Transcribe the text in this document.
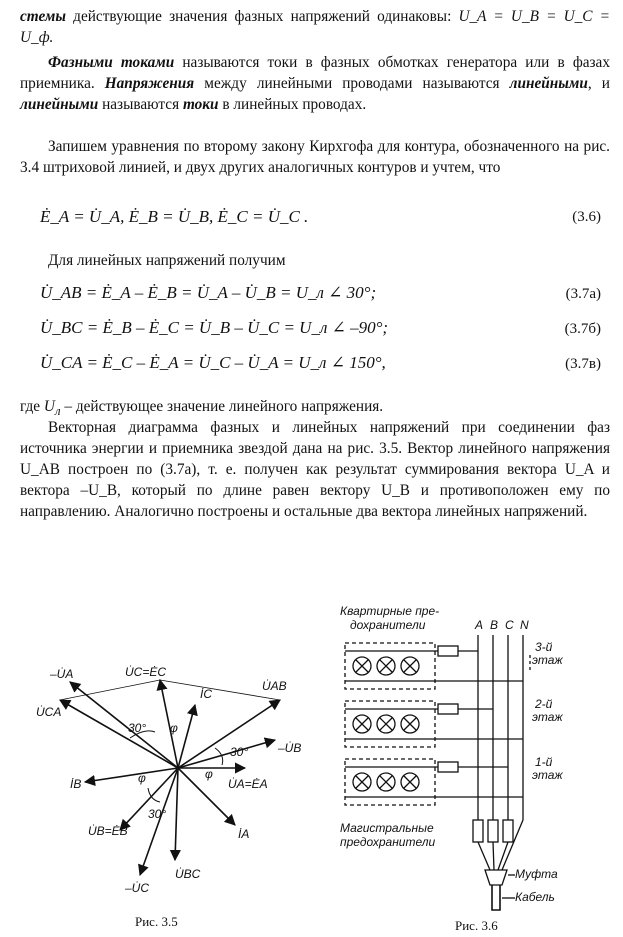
стемы действующие значения фазных напряжений одинаковы: U_A = U_B = U_C = U_ф.
Фазными токами называются токи в фазных обмотках генератора или в фазах приемника. Напряжения между линейными проводами называются линейными, и линейными называются токи в линейных проводах.
Запишем уравнения по второму закону Кирхгофа для контура, обозначенного на рис. 3.4 штриховой линией, и двух других аналогичных контуров и учтем, что
Ė_A = U̇_A, Ė_B = U̇_B, Ė_C = U̇_C .	(3.6)
Для линейных напряжений получим
U̇_AB = Ė_A – Ė_B = U̇_A – U̇_B = U_л ∠ 30°;	(3.7а)
U̇_BC = Ė_B – Ė_C = U̇_B – U̇_C = U_л ∠ –90°;	(3.7б)
U̇_CA = Ė_C – Ė_A = U̇_C – U̇_A = U_л ∠ 150°,	(3.7в)
где $U_л$ – действующее значение линейного напряжения.
Векторная диаграмма фазных и линейных напряжений при соединении фаз источника энергии и приемника звездой дана на рис. 3.5. Вектор линейного напряжения U_AB построен по (3.7а), т. е. получен как результат суммирования вектора U_A и вектора –U_B, который по длине равен вектору U_B и противоположен ему по направлению. Аналогично построены и остальные два вектора линейных напряжений.
–U̇A
U̇CA
U̇C=ĖC
İC
U̇AB
–U̇B
U̇A=ĖA
İB
İA
U̇B=ĖB
–U̇C
U̇BC
φ
φ
φ
30°
30°
30°
Рис. 3.5
Квартирные пре-
дохранители	A B C N
3-й
этаж
2-й
этаж
1-й
этаж
Магистральные
предохранители
Муфта
Кабель
Рис. 3.6
